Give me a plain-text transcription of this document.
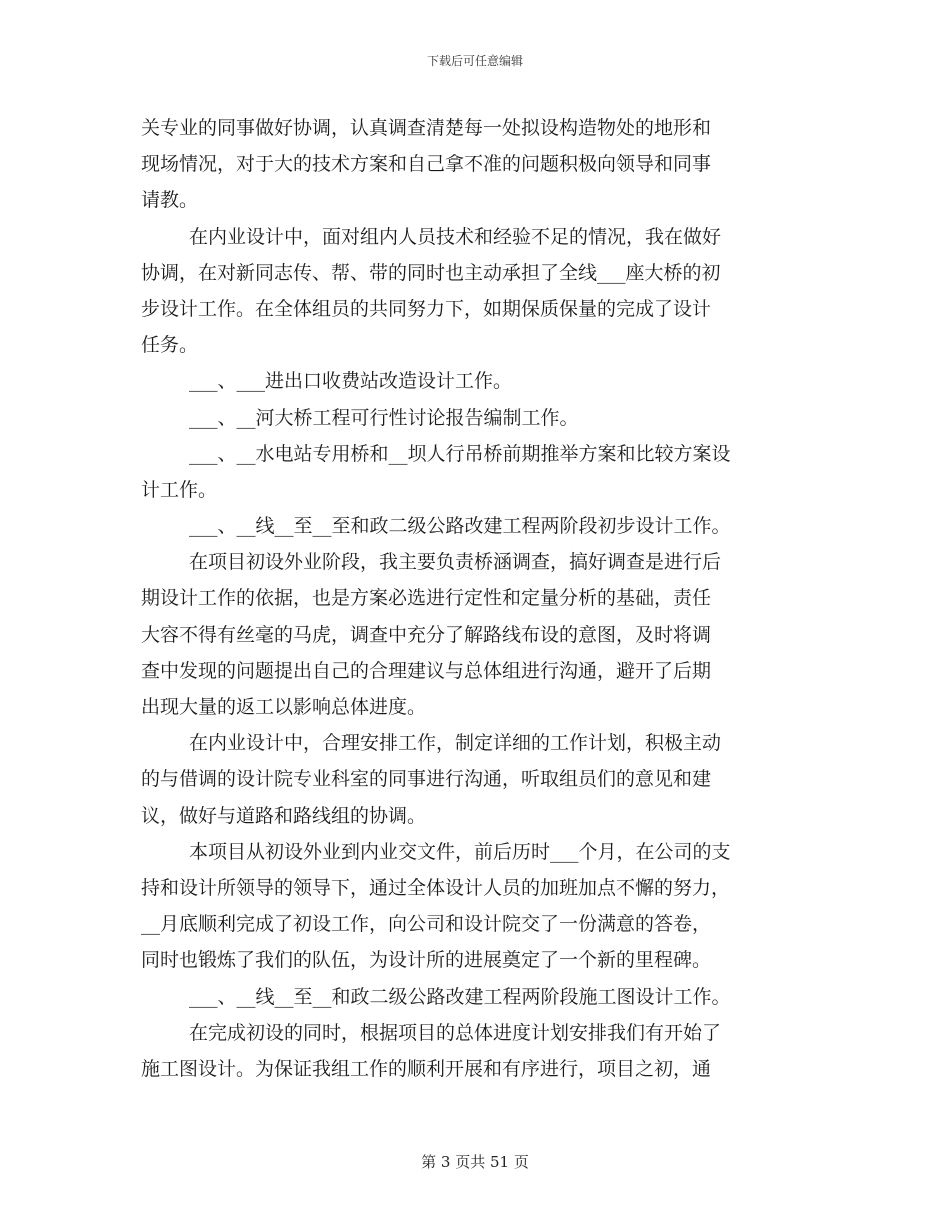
下载后可任意编辑
关专业的同事做好协调，认真调查清楚每一处拟设构造物处的地形和
现场情况，对于大的技术方案和自己拿不准的问题积极向领导和同事
请教。
在内业设计中，面对组内人员技术和经验不足的情况，我在做好
协调，在对新同志传、帮、带的同时也主动承担了全线___座大桥的初
步设计工作。在全体组员的共同努力下，如期保质保量的完成了设计
任务。
___、___进出口收费站改造设计工作。
___、__河大桥工程可行性讨论报告编制工作。
___、__水电站专用桥和__坝人行吊桥前期推举方案和比较方案设
计工作。
___、__线__至__至和政二级公路改建工程两阶段初步设计工作。
在项目初设外业阶段，我主要负责桥涵调查，搞好调查是进行后
期设计工作的依据，也是方案必选进行定性和定量分析的基础，责任
大容不得有丝毫的马虎，调查中充分了解路线布设的意图，及时将调
查中发现的问题提出自己的合理建议与总体组进行沟通，避开了后期
出现大量的返工以影响总体进度。
在内业设计中，合理安排工作，制定详细的工作计划，积极主动
的与借调的设计院专业科室的同事进行沟通，听取组员们的意见和建
议，做好与道路和路线组的协调。
本项目从初设外业到内业交文件，前后历时___个月，在公司的支
持和设计所领导的领导下，通过全体设计人员的加班加点不懈的努力，
__月底顺利完成了初设工作，向公司和设计院交了一份满意的答卷，
同时也锻炼了我们的队伍，为设计所的进展奠定了一个新的里程碑。
___、__线__至__和政二级公路改建工程两阶段施工图设计工作。
在完成初设的同时，根据项目的总体进度计划安排我们有开始了
施工图设计。为保证我组工作的顺利开展和有序进行，项目之初，通
第 3 页共 51 页
